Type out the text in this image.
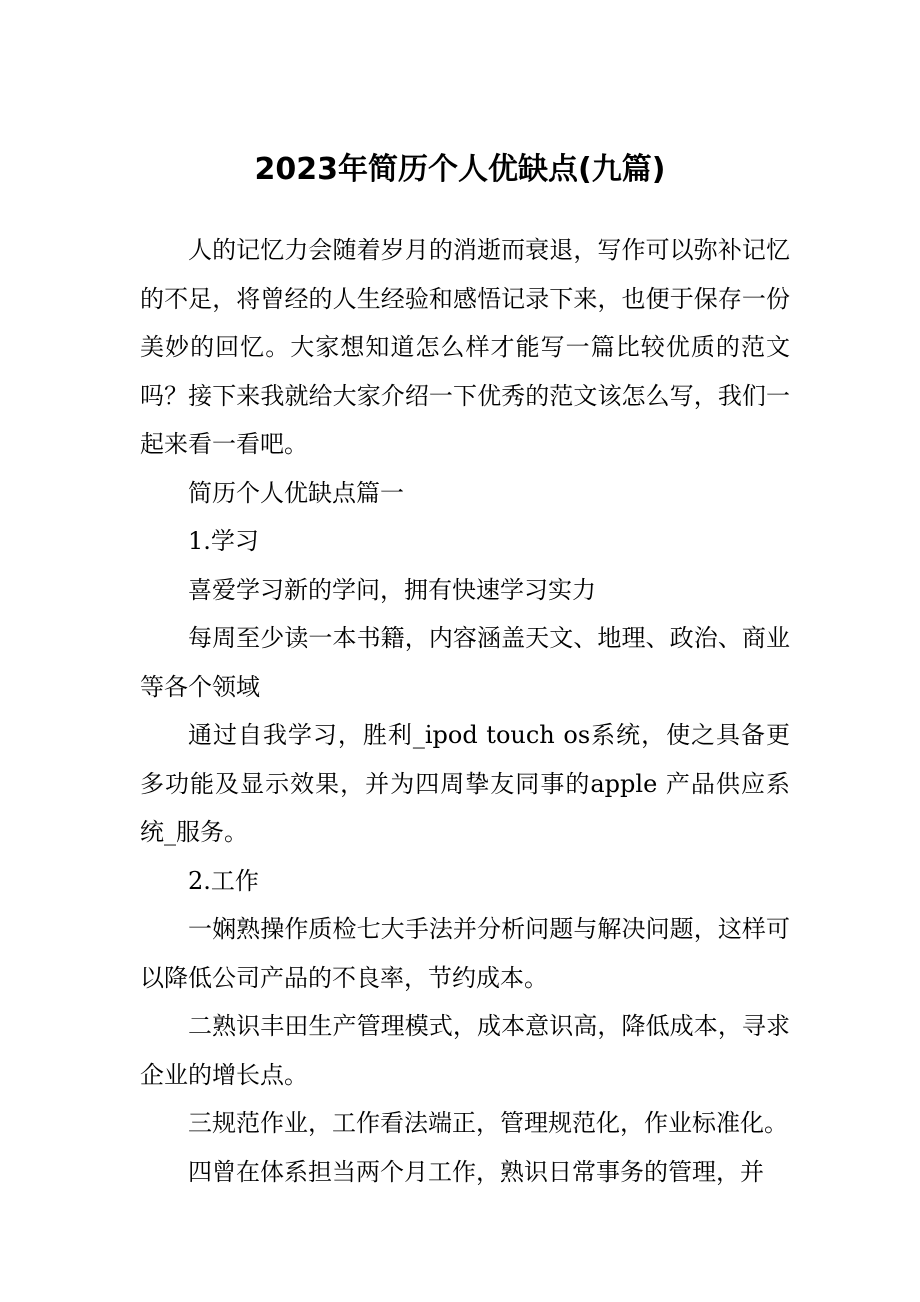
2023年简历个人优缺点(九篇)

人的记忆力会随着岁月的消逝而衰退，写作可以弥补记忆的不足，将曾经的人生经验和感悟记录下来，也便于保存一份美妙的回忆。大家想知道怎么样才能写一篇比较优质的范文吗？接下来我就给大家介绍一下优秀的范文该怎么写，我们一起来看一看吧。

简历个人优缺点篇一

1.学习

喜爱学习新的学问，拥有快速学习实力

每周至少读一本书籍，内容涵盖天文、地理、政治、商业等各个领域

通过自我学习，胜利_ipod touch os系统，使之具备更多功能及显示效果，并为四周挚友同事的apple 产品供应系统_服务。

2.工作

一娴熟操作质检七大手法并分析问题与解决问题，这样可以降低公司产品的不良率，节约成本。

二熟识丰田生产管理模式，成本意识高，降低成本，寻求企业的增长点。

三规范作业，工作看法端正，管理规范化，作业标准化。

四曾在体系担当两个月工作，熟识日常事务的管理，并
